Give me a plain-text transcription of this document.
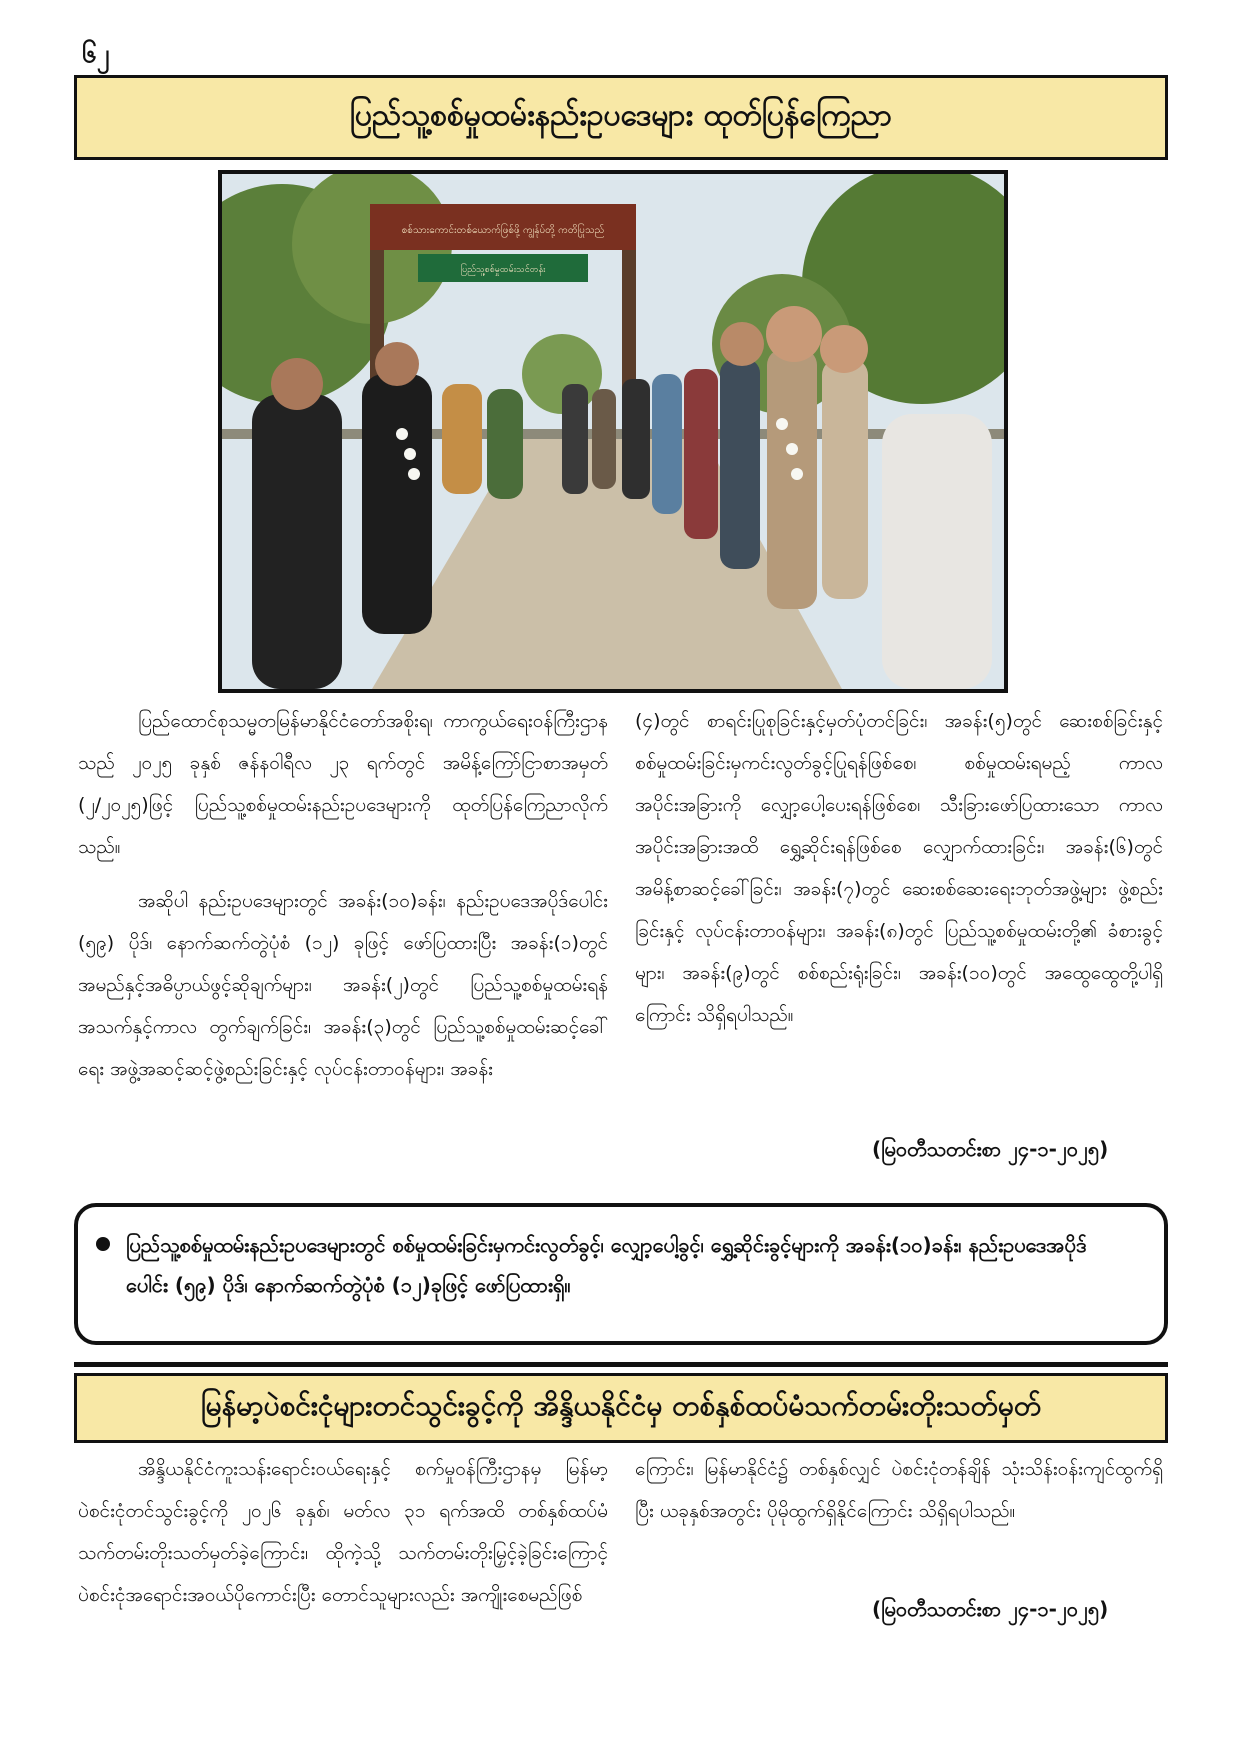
၆၂
ပြည်သူ့စစ်မှုထမ်းနည်းဥပဒေများ ထုတ်ပြန်ကြေညာ
စစ်သားကောင်းတစ်ယောက်ဖြစ်ဖို့ ကျွန်ုပ်တို့ ကတိပြုသည်
ပြည်သူ့စစ်မှုထမ်းသင်တန်း

ပြည်ထောင်စုသမ္မတမြန်မာနိုင်ငံတော်အစိုးရ၊ ကာကွယ်ရေးဝန်ကြီးဌာနသည် ၂၀၂၅ ခုနှစ် ဇန်နဝါရီလ ၂၃ ရက်တွင် အမိန့်ကြော်ငြာစာအမှတ် (၂/၂၀၂၅)ဖြင့် ပြည်သူ့စစ်မှုထမ်းနည်းဥပဒေများကို ထုတ်ပြန်ကြေညာလိုက်သည်။

အဆိုပါ နည်းဥပဒေများတွင် အခန်း(၁၀)ခန်း၊ နည်းဥပဒေအပိုဒ်ပေါင်း (၅၉) ပိုဒ်၊ နောက်ဆက်တွဲပုံစံ (၁၂) ခုဖြင့် ဖော်ပြထားပြီး အခန်း(၁)တွင် အမည်နှင့်အဓိပ္ပာယ်ဖွင့်ဆိုချက်များ၊ အခန်း(၂)တွင် ပြည်သူ့စစ်မှုထမ်းရန် အသက်နှင့်ကာလ တွက်ချက်ခြင်း၊ အခန်း(၃)တွင် ပြည်သူ့စစ်မှုထမ်းဆင့်ခေါ်ရေး အဖွဲ့အဆင့်ဆင့်ဖွဲ့စည်းခြင်းနှင့် လုပ်ငန်းတာဝန်များ၊ အခန်း

(၄)တွင် စာရင်းပြုစုခြင်းနှင့်မှတ်ပုံတင်ခြင်း၊ အခန်း(၅)တွင် ဆေးစစ်ခြင်းနှင့် စစ်မှုထမ်းခြင်းမှကင်းလွတ်ခွင့်ပြုရန်ဖြစ်စေ၊ စစ်မှုထမ်းရမည့် ကာလအပိုင်းအခြားကို လျှော့ပေါ့ပေးရန်ဖြစ်စေ၊ သီးခြားဖော်ပြထားသော ကာလအပိုင်းအခြားအထိ ရွှေ့ဆိုင်းရန်ဖြစ်စေ လျှောက်ထားခြင်း၊ အခန်း(၆)တွင် အမိန့်စာဆင့်ခေါ်ခြင်း၊ အခန်း(၇)တွင် ဆေးစစ်ဆေးရေးဘုတ်အဖွဲ့များ ဖွဲ့စည်းခြင်းနှင့် လုပ်ငန်းတာဝန်များ၊ အခန်း(၈)တွင် ပြည်သူ့စစ်မှုထမ်းတို့၏ ခံစားခွင့်များ၊ အခန်း(၉)တွင် စစ်စည်းရုံးခြင်း၊ အခန်း(၁၀)တွင် အထွေထွေတို့ပါရှိကြောင်း သိရှိရပါသည်။

(မြဝတီသတင်းစာ ၂၄-၁-၂၀၂၅)
ပြည်သူ့စစ်မှုထမ်းနည်းဥပဒေများတွင် စစ်မှုထမ်းခြင်းမှကင်းလွတ်ခွင့်၊ လျှော့ပေါ့ခွင့်၊ ရွှေ့ဆိုင်းခွင့်များကို အခန်း(၁၀)ခန်း၊ နည်းဥပဒေအပိုဒ်ပေါင်း (၅၉) ပိုဒ်၊ နောက်ဆက်တွဲပုံစံ (၁၂)ခုဖြင့် ဖော်ပြထားရှိ။
မြန်မာ့ပဲစင်းငုံများတင်သွင်းခွင့်ကို အိန္ဒိယနိုင်ငံမှ တစ်နှစ်ထပ်မံသက်တမ်းတိုးသတ်မှတ်

အိန္ဒိယနိုင်ငံကူးသန်းရောင်းဝယ်ရေးနှင့် စက်မှုဝန်ကြီးဌာနမှ မြန်မာ့ပဲစင်းငုံတင်သွင်းခွင့်ကို ၂၀၂၆ ခုနှစ်၊ မတ်လ ၃၁ ရက်အထိ တစ်နှစ်ထပ်မံ သက်တမ်းတိုးသတ်မှတ်ခဲ့ကြောင်း၊ ထိုကဲ့သို့ သက်တမ်းတိုးမြှင့်ခဲ့ခြင်းကြောင့် ပဲစင်းငုံအရောင်းအဝယ်ပိုကောင်းပြီး တောင်သူများလည်း အကျိုးစေမည်ဖြစ်

ကြောင်း၊ မြန်မာနိုင်ငံ၌ တစ်နှစ်လျှင် ပဲစင်းငုံတန်ချိန် သုံးသိန်းဝန်းကျင်ထွက်ရှိပြီး ယခုနှစ်အတွင်း ပိုမိုထွက်ရှိနိုင်ကြောင်း သိရှိရပါသည်။

(မြဝတီသတင်းစာ ၂၄-၁-၂၀၂၅)
